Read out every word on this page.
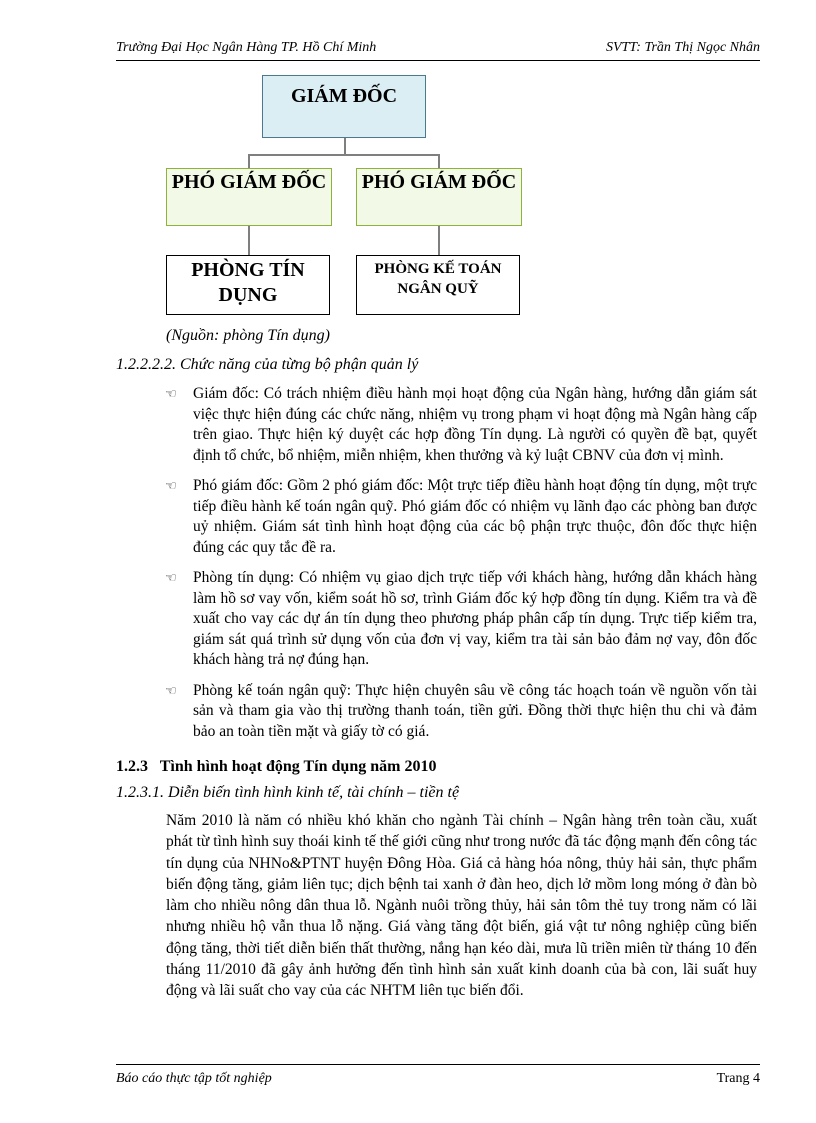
Trường Đại Học Ngân Hàng TP. Hồ Chí Minh	SVTT: Trần Thị Ngọc Nhân
GIÁM ĐỐC
PHÓ GIÁM ĐỐC PHÓ GIÁM ĐỐC
PHÒNG TÍN DỤNG
PHÒNG KẾ TOÁN NGÂN QUỸ
(Nguồn: phòng Tín dụng)
1.2.2.2.2. Chức năng của từng bộ phận quản lý
☜ Giám đốc: Có trách nhiệm điều hành mọi hoạt động của Ngân hàng, hướng dẫn giám sát việc thực hiện đúng các chức năng, nhiệm vụ trong phạm vi hoạt động mà Ngân hàng cấp trên giao. Thực hiện ký duyệt các hợp đồng Tín dụng. Là người có quyền đề bạt, quyết định tổ chức, bổ nhiệm, miễn nhiệm, khen thưởng và kỷ luật CBNV của đơn vị mình.
☜ Phó giám đốc: Gồm 2 phó giám đốc: Một trực tiếp điều hành hoạt động tín dụng, một trực tiếp điều hành kế toán ngân quỹ. Phó giám đốc có nhiệm vụ lãnh đạo các phòng ban được uỷ nhiệm. Giám sát tình hình hoạt động của các bộ phận trực thuộc, đôn đốc thực hiện đúng các quy tắc đề ra.
☜ Phòng tín dụng: Có nhiệm vụ giao dịch trực tiếp với khách hàng, hướng dẫn khách hàng làm hồ sơ vay vốn, kiểm soát hồ sơ, trình Giám đốc ký hợp đồng tín dụng. Kiểm tra và đề xuất cho vay các dự án tín dụng theo phương pháp phân cấp tín dụng. Trực tiếp kiểm tra, giám sát quá trình sử dụng vốn của đơn vị vay, kiểm tra tài sản bảo đảm nợ vay, đôn đốc khách hàng trả nợ đúng hạn.
☜ Phòng kế toán ngân quỹ: Thực hiện chuyên sâu về công tác hoạch toán về nguồn vốn tài sản và tham gia vào thị trường thanh toán, tiền gửi. Đồng thời thực hiện thu chi và đảm bảo an toàn tiền mặt và giấy tờ có giá.
1.2.3   Tình hình hoạt động Tín dụng năm 2010
1.2.3.1. Diễn biến tình hình kinh tế, tài chính – tiền tệ
Năm 2010 là năm có nhiều khó khăn cho ngành Tài chính – Ngân hàng trên toàn cầu, xuất phát từ tình hình suy thoái kinh tế thế giới cũng như trong nước đã tác động mạnh đến công tác tín dụng của NHNo&PTNT huyện Đông Hòa. Giá cả hàng hóa nông, thủy hải sản, thực phẩm biến động tăng, giảm liên tục; dịch bệnh tai xanh ở đàn heo, dịch lở mồm long móng ở đàn bò làm cho nhiều nông dân thua lỗ. Ngành nuôi trồng thủy, hải sản tôm thẻ tuy trong năm có lãi nhưng nhiều hộ vẫn thua lỗ nặng. Giá vàng tăng đột biến, giá vật tư nông nghiệp cũng biến động tăng, thời tiết diễn biến thất thường, nắng hạn kéo dài, mưa lũ triền miên từ tháng 10 đến tháng 11/2010 đã gây ảnh hưởng đến tình hình sản xuất kinh doanh của bà con, lãi suất huy động và lãi suất cho vay của các NHTM liên tục biến đổi.
Báo cáo thực tập tốt nghiệp	Trang 4
